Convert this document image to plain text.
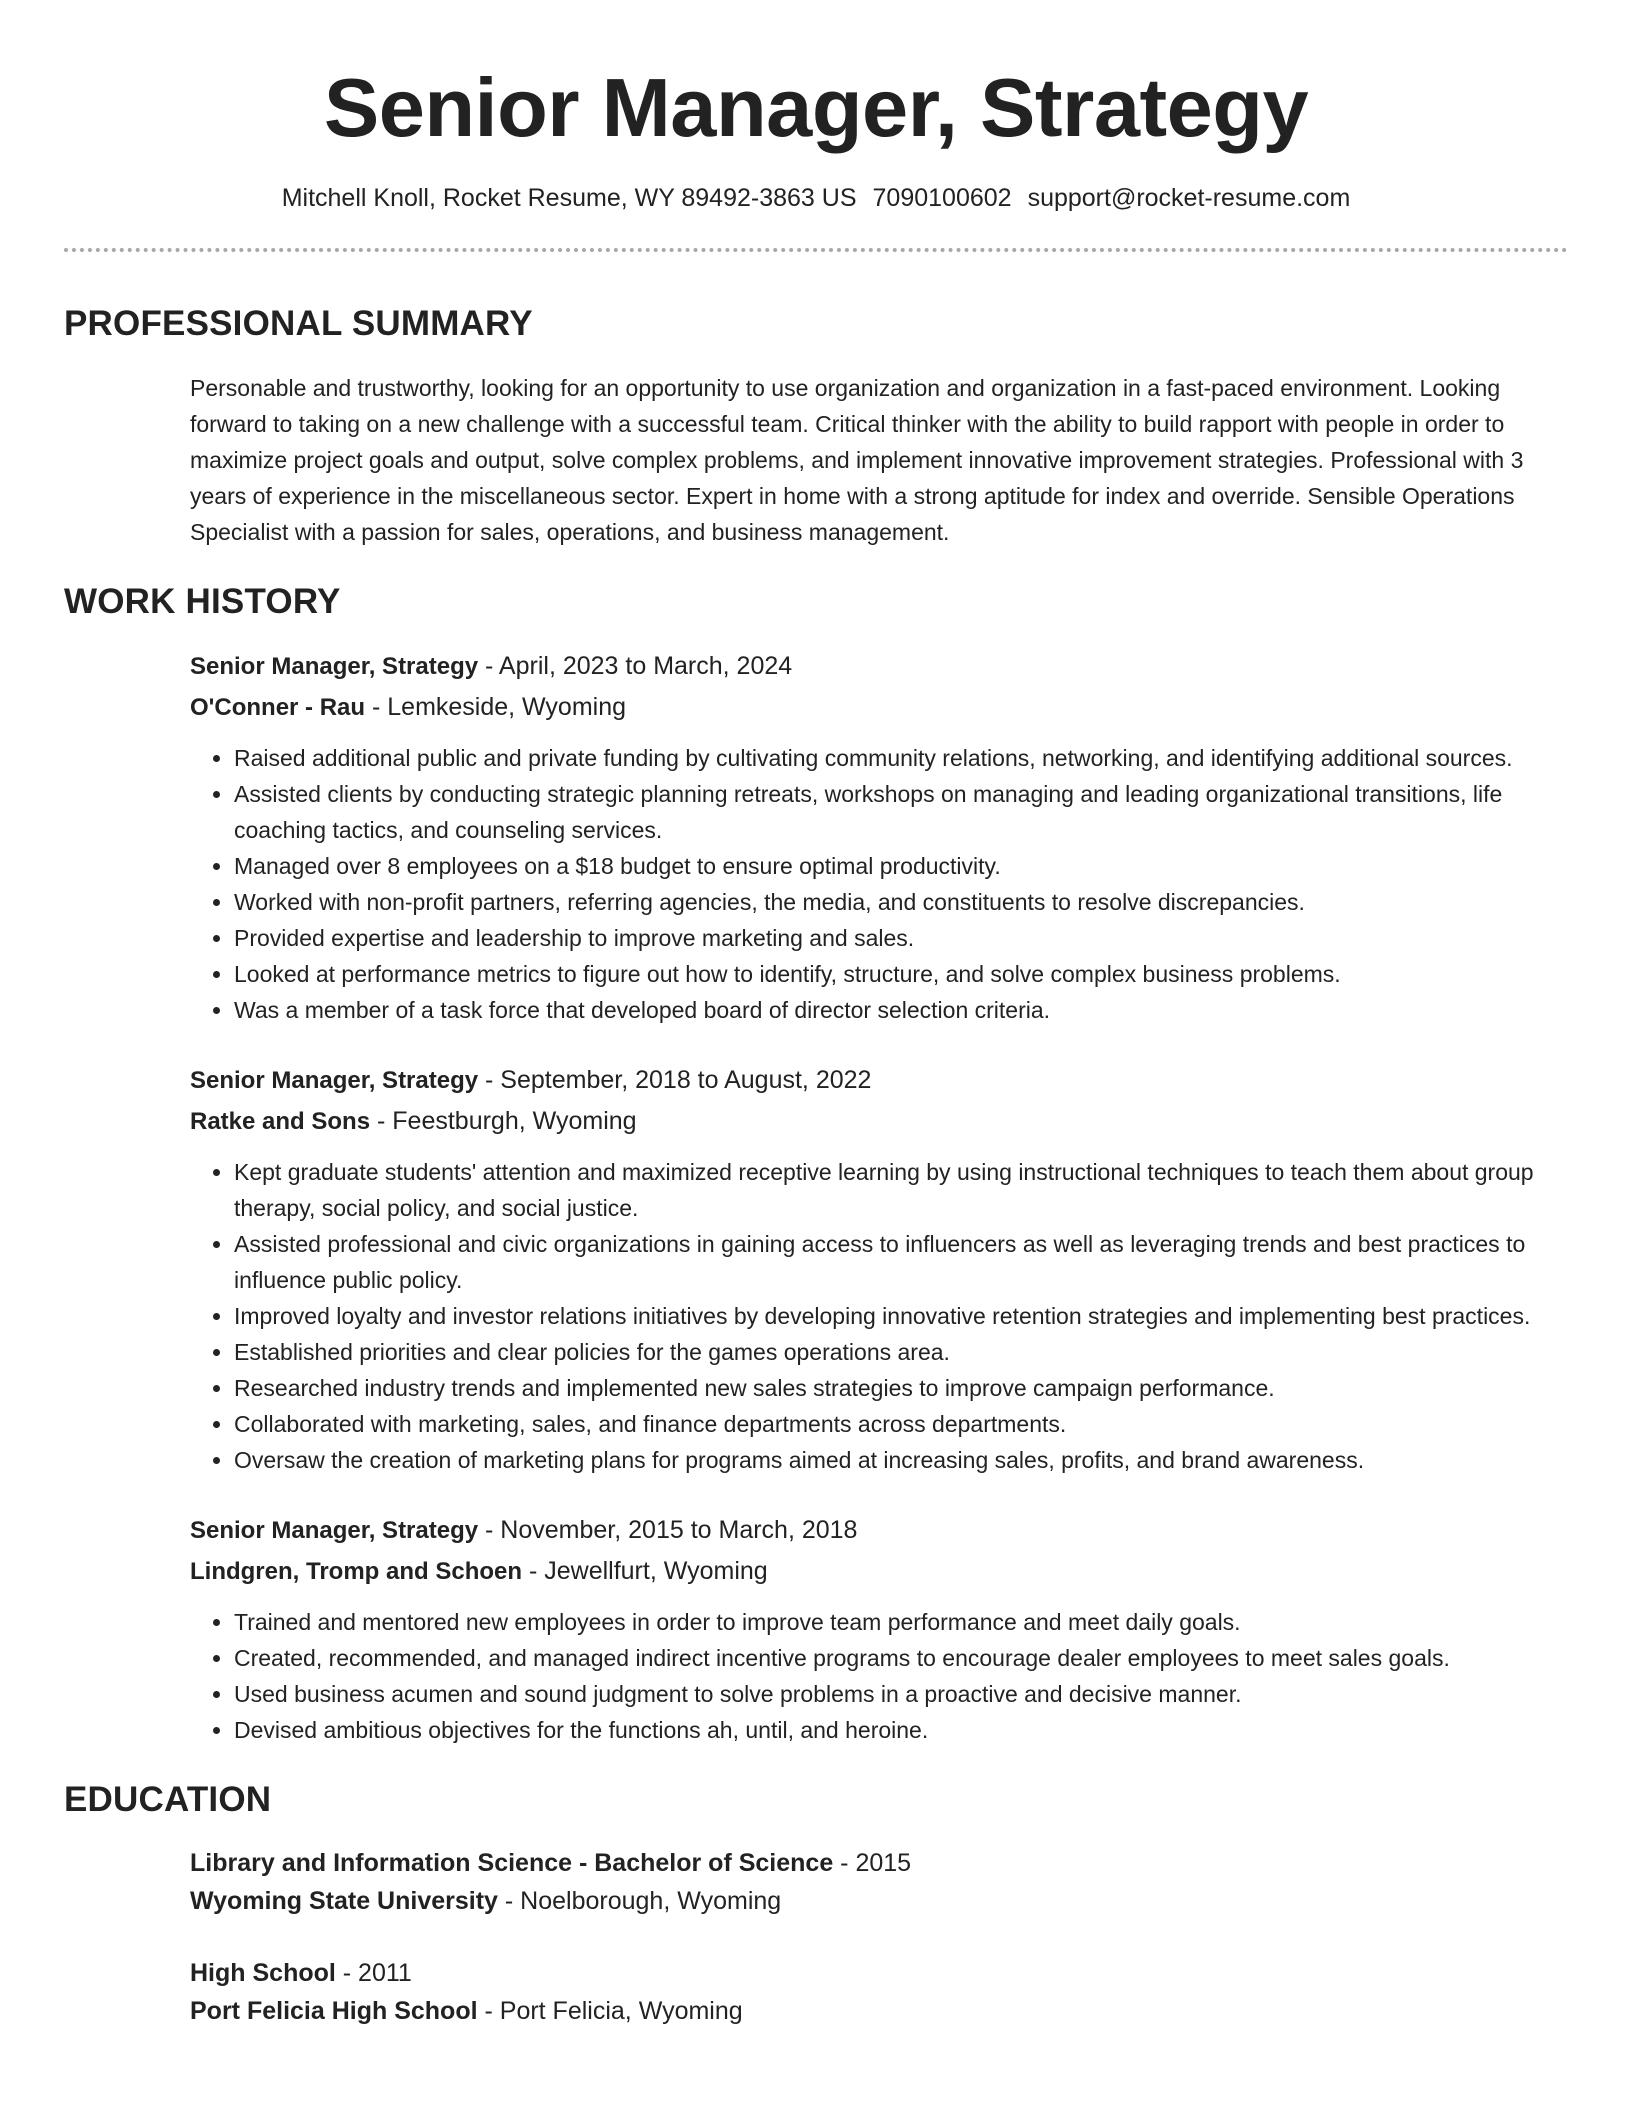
Senior Manager, Strategy
Mitchell Knoll, Rocket Resume, WY 89492-3863 US 7090100602 support@rocket-resume.com
PROFESSIONAL SUMMARY
Personable and trustworthy, looking for an opportunity to use organization and organization in a fast-paced environment. Looking forward to taking on a new challenge with a successful team. Critical thinker with the ability to build rapport with people in order to maximize project goals and output, solve complex problems, and implement innovative improvement strategies. Professional with 3 years of experience in the miscellaneous sector. Expert in home with a strong aptitude for index and override. Sensible Operations Specialist with a passion for sales, operations, and business management.
WORK HISTORY
Senior Manager, Strategy - April, 2023 to March, 2024
O'Conner - Rau - Lemkeside, Wyoming
• Raised additional public and private funding by cultivating community relations, networking, and identifying additional sources.
• Assisted clients by conducting strategic planning retreats, workshops on managing and leading organizational transitions, life coaching tactics, and counseling services.
• Managed over 8 employees on a $18 budget to ensure optimal productivity.
• Worked with non-profit partners, referring agencies, the media, and constituents to resolve discrepancies.
• Provided expertise and leadership to improve marketing and sales.
• Looked at performance metrics to figure out how to identify, structure, and solve complex business problems.
• Was a member of a task force that developed board of director selection criteria.
Senior Manager, Strategy - September, 2018 to August, 2022
Ratke and Sons - Feestburgh, Wyoming
• Kept graduate students' attention and maximized receptive learning by using instructional techniques to teach them about group therapy, social policy, and social justice.
• Assisted professional and civic organizations in gaining access to influencers as well as leveraging trends and best practices to influence public policy.
• Improved loyalty and investor relations initiatives by developing innovative retention strategies and implementing best practices.
• Established priorities and clear policies for the games operations area.
• Researched industry trends and implemented new sales strategies to improve campaign performance.
• Collaborated with marketing, sales, and finance departments across departments.
• Oversaw the creation of marketing plans for programs aimed at increasing sales, profits, and brand awareness.
Senior Manager, Strategy - November, 2015 to March, 2018
Lindgren, Tromp and Schoen - Jewellfurt, Wyoming
• Trained and mentored new employees in order to improve team performance and meet daily goals.
• Created, recommended, and managed indirect incentive programs to encourage dealer employees to meet sales goals.
• Used business acumen and sound judgment to solve problems in a proactive and decisive manner.
• Devised ambitious objectives for the functions ah, until, and heroine.
EDUCATION
Library and Information Science - Bachelor of Science - 2015
Wyoming State University - Noelborough, Wyoming
High School - 2011
Port Felicia High School - Port Felicia, Wyoming
